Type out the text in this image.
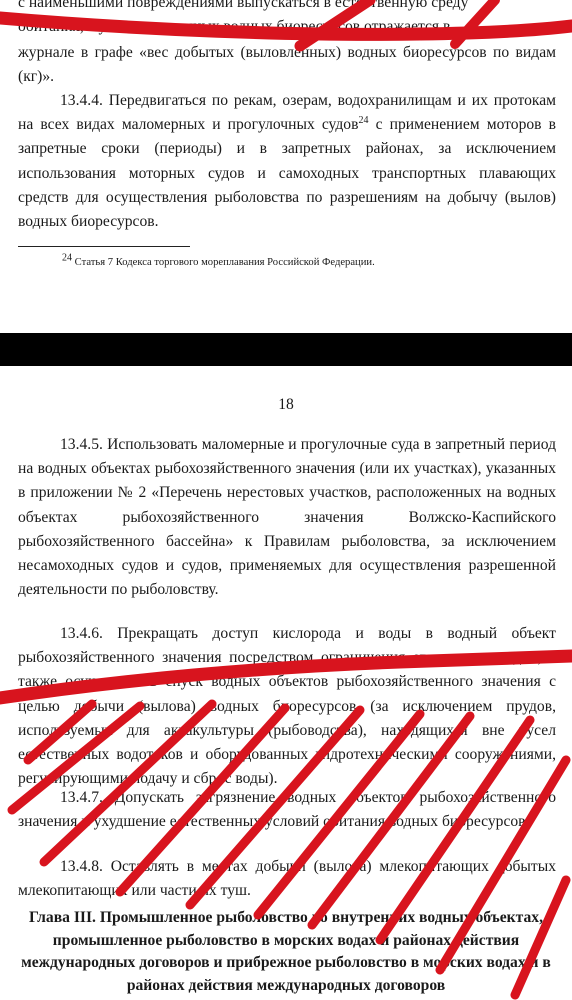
с наименьшими повреждениями выпускаться в естественную среду

обитания, а учет выпущенных водных биоресурсов отражается в

журнале в графе «вес добытых (выловленных) водных биоресурсов по видам (кг)».

13.4.4. Передвигаться по рекам, озерам, водохранилищам и их протокам на всех видах маломерных и прогулочных судов$^{24}$ с применением моторов в запретные сроки (периоды) и в запретных районах, за исключением использования моторных судов и самоходных транспортных плавающих средств для осуществления рыболовства по разрешениям на добычу (вылов) водных биоресурсов.

$^{24}$ Статья 7 Кодекса торгового мореплавания Российской Федерации.

18

13.4.5. Использовать маломерные и прогулочные суда в запретный период на водных объектах рыбохозяйственного значения (или их участках), указанных в приложении № 2 «Перечень нерестовых участков, расположенных на водных объектах рыбохозяйственного значения Волжско-Каспийского рыбохозяйственного бассейна» к Правилам рыболовства, за исключением несамоходных судов и судов, применяемых для осуществления разрешенной деятельности по рыболовству.

13.4.6. Прекращать доступ кислорода и воды в водный объект рыбохозяйственного значения посредством ограничения его связи с водой, а также осуществлять спуск водных объектов рыбохозяйственного значения с целью добычи (вылова) водных биоресурсов (за исключением прудов, используемых для аквакультуры (рыбоводства), находящихся вне русел естественных водотоков и оборудованных гидротехническими сооружениями, регулирующими подачу и сброс воды).

13.4.7. Допускать загрязнение водных объектов рыбохозяйственного значения и ухудшение естественных условий обитания водных биоресурсов.

13.4.8. Оставлять в местах добычи (вылова) млекопитающих добытых млекопитающих или части их туш.

Глава III. Промышленное рыболовство во внутренних водных объектах, промышленное рыболовство в морских водах и районах действия международных договоров и прибрежное рыболовство в морских водах и в районах действия международных договоров
